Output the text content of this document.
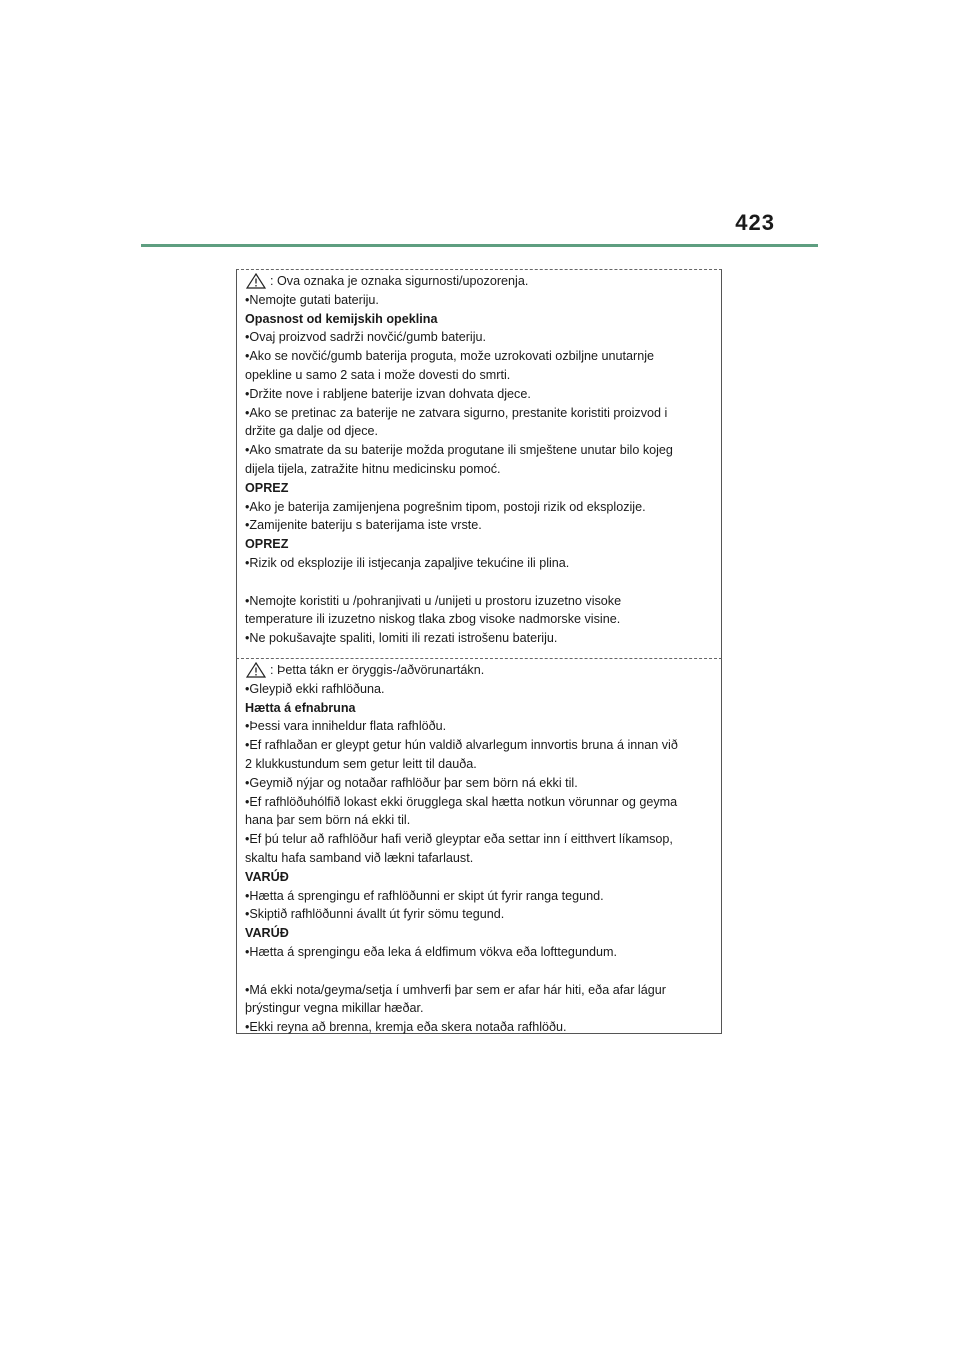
423
: Ova oznaka je oznaka sigurnosti/upozorenja.
•Nemojte gutati bateriju.
Opasnost od kemijskih opeklina
•Ovaj proizvod sadrži novčić/gumb bateriju.
•Ako se novčić/gumb baterija proguta, može uzrokovati ozbiljne unutarnje
opekline u samo 2 sata i može dovesti do smrti.
•Držite nove i rabljene baterije izvan dohvata djece.
•Ako se pretinac za baterije ne zatvara sigurno, prestanite koristiti proizvod i
držite ga dalje od djece.
•Ako smatrate da su baterije možda progutane ili smještene unutar bilo kojeg
dijela tijela, zatražite hitnu medicinsku pomoć.
OPREZ
•Ako je baterija zamijenjena pogrešnim tipom, postoji rizik od eksplozije.
•Zamijenite bateriju s baterijama iste vrste.
OPREZ
•Rizik od eksplozije ili istjecanja zapaljive tekućine ili plina.
•Nemojte koristiti u /pohranjivati u /unijeti u prostoru izuzetno visoke
temperature ili izuzetno niskog tlaka zbog visoke nadmorske visine.
•Ne pokušavajte spaliti, lomiti ili rezati istrošenu bateriju.
: Þetta tákn er öryggis-/aðvörunartákn.
•Gleypið ekki rafhlöðuna.
Hætta á efnabruna
•Þessi vara inniheldur flata rafhlöðu.
•Ef rafhlaðan er gleypt getur hún valdið alvarlegum innvortis bruna á innan við
2 klukkustundum sem getur leitt til dauða.
•Geymið nýjar og notaðar rafhlöður þar sem börn ná ekki til.
•Ef rafhlöðuhólfið lokast ekki örugglega skal hætta notkun vörunnar og geyma
hana þar sem börn ná ekki til.
•Ef þú telur að rafhlöður hafi verið gleyptar eða settar inn í eitthvert líkamsop,
skaltu hafa samband við lækni tafarlaust.
VARÚÐ
•Hætta á sprengingu ef rafhlöðunni er skipt út fyrir ranga tegund.
•Skiptið rafhlöðunni ávallt út fyrir sömu tegund.
VARÚÐ
•Hætta á sprengingu eða leka á eldfimum vökva eða lofttegundum.
•Má ekki nota/geyma/setja í umhverfi þar sem er afar hár hiti, eða afar lágur
þrýstingur vegna mikillar hæðar.
•Ekki reyna að brenna, kremja eða skera notaða rafhlöðu.
